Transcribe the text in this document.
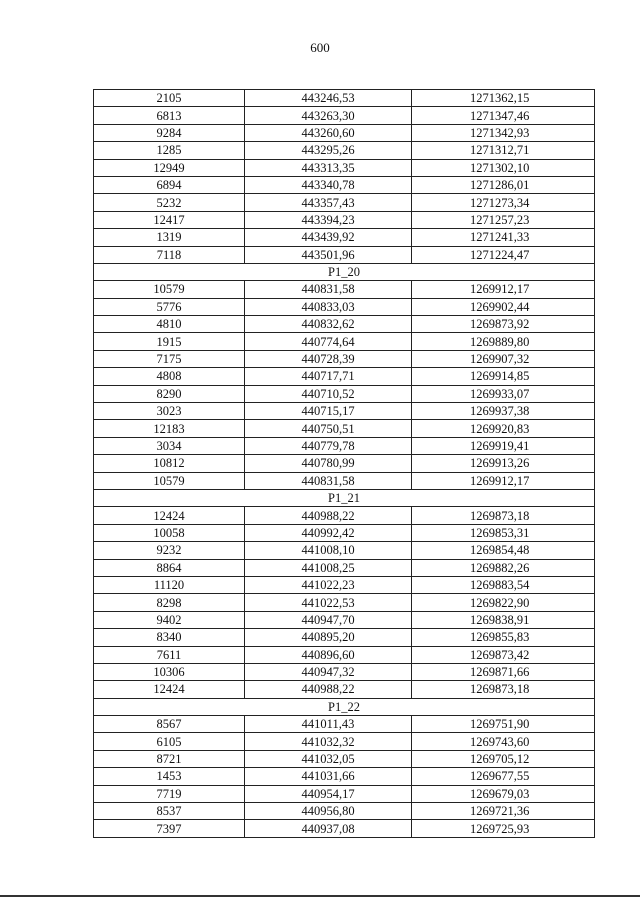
600
2105	443246,53	1271362,15
6813	443263,30	1271347,46
9284	443260,60	1271342,93
1285	443295,26	1271312,71
12949	443313,35	1271302,10
6894	443340,78	1271286,01
5232	443357,43	1271273,34
12417	443394,23	1271257,23
1319	443439,92	1271241,33
7118	443501,96	1271224,47
P1_20		
10579	440831,58	1269912,17
5776	440833,03	1269902,44
4810	440832,62	1269873,92
1915	440774,64	1269889,80
7175	440728,39	1269907,32
4808	440717,71	1269914,85
8290	440710,52	1269933,07
3023	440715,17	1269937,38
12183	440750,51	1269920,83
3034	440779,78	1269919,41
10812	440780,99	1269913,26
10579	440831,58	1269912,17
P1_21		
12424	440988,22	1269873,18
10058	440992,42	1269853,31
9232	441008,10	1269854,48
8864	441008,25	1269882,26
11120	441022,23	1269883,54
8298	441022,53	1269822,90
9402	440947,70	1269838,91
8340	440895,20	1269855,83
7611	440896,60	1269873,42
10306	440947,32	1269871,66
12424	440988,22	1269873,18
P1_22		
8567	441011,43	1269751,90
6105	441032,32	1269743,60
8721	441032,05	1269705,12
1453	441031,66	1269677,55
7719	440954,17	1269679,03
8537	440956,80	1269721,36
7397	440937,08	1269725,93
